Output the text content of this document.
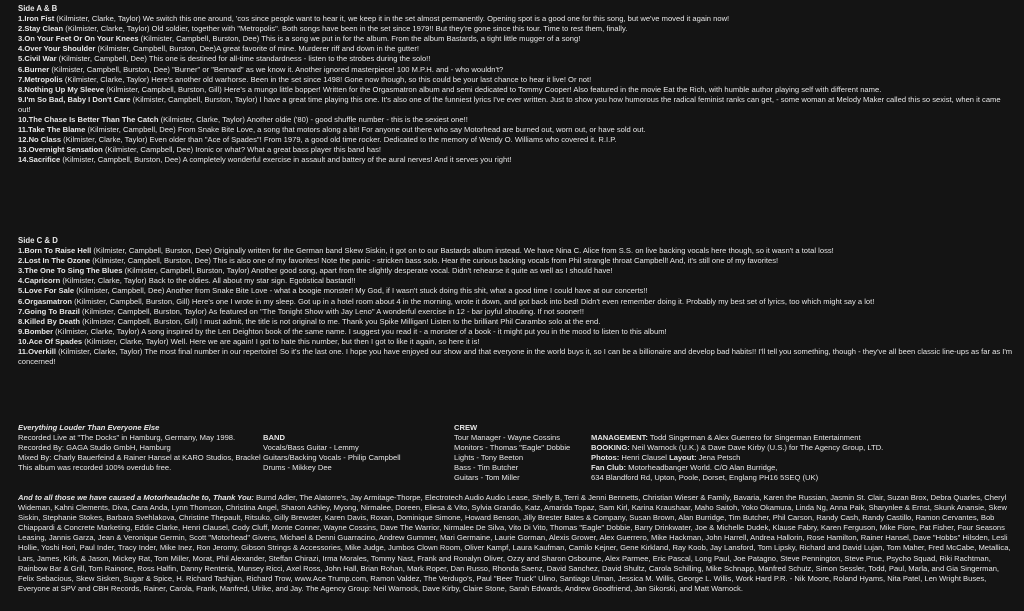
Side A & B
1.Iron Fist (Kilmister, Clarke, Taylor) We switch this one around, 'cos since people want to hear it, we keep it in the set almost permanently. Opening spot is a good one for this song, but we've moved it again now!
2.Stay Clean (Kilmister, Clarke, Taylor) Old soldier, together with "Metropolis". Both songs have been in the set since 1979!! But they're gone since this tour. Time to rest them, finally.
3.On Your Feet Or On Your Knees (Kilmister, Campbell, Burston, Dee) This is a song we put in for the album. From the album Bastards, a tight little mugger of a song!
4.Over Your Shoulder (Kilmister, Campbell, Burston, Dee)A great favorite of mine. Murderer riff and down in the gutter!
5.Civil War (Kilmister, Campbell, Dee) This one is destined for all-time standardness - listen to the strobes during the solo!!
6.Burner (Kilmister, Campbell, Burston, Dee) "Burner" or "Bernard" as we know it. Another ignored masterpiece! 100 M.P.H. and - who wouldn't?
7.Metropolis (Kilmister, Clarke, Taylor) Here's another old warhorse. Been in the set since 1498! Gone now though, so this could be your last chance to hear it live! Or not!
8.Nothing Up My Sleeve (Kilmister, Campbell, Burston, Gill) Here's a mungo little bopper! Written for the Orgasmatron album and semi dedicated to Tommy Cooper! Also featured in the movie Eat the Rich, with humble author playing self with different name.
9.I'm So Bad, Baby I Don't Care (Kilmister, Campbell, Burston, Taylor) I have a great time playing this one. It's also one of the funniest lyrics I've ever written. Just to show you how humorous the radical feminist ranks can get, - some woman at Melody Maker called this so sexist, when it came out!
10.The Chase Is Better Than The Catch (Kilmister, Clarke, Taylor) Another oldie ('80) - good shuffle number - this is the sexiest one!!
11.Take The Blame (Kilmister, Campbell, Dee) From Snake Bite Love, a song that motors along a bit! For anyone out there who say Motorhead are burned out, worn out, or have sold out.
12.No Class (Kilmister, Clarke, Taylor) Even older than "Ace of Spades"! From 1979, a good old time rocker. Dedicated to the memory of Wendy O. Williams who covered it. R.I.P.
13.Overnight Sensation (Kilmister, Campbell, Dee) Ironic or what? What a great bass player this band has!
14.Sacrifice (Kilmister, Campbell, Burston, Dee) A completely wonderful exercise in assault and battery of the aural nerves! And it serves you right!
Side C & D
1.Born To Raise Hell (Kilmister, Campbell, Burston, Dee) Originally written for the German band Skew Siskin, it got on to our Bastards album instead. We have Nina C. Alice from S.S. on live backing vocals here though, so it wasn't a total loss!
2.Lost In The Ozone (Kilmister, Campbell, Burston, Dee) This is also one of my favorites! Note the panic - stricken bass solo. Hear the curious backing vocals from Phil strangle throat Campbell! And, it's still one of my favorites!
3.The One To Sing The Blues (Kilmister, Campbell, Burston, Taylor) Another good song, apart from the slightly desperate vocal. Didn't rehearse it quite as well as I should have!
4.Capricorn (Kilmister, Clarke, Taylor) Back to the oldies. All about my star sign. Egotistical bastard!!
5.Love For Sale (Kilmister, Campbell, Dee) Another from Snake Bite Love - what a boogie monster! My God, if I wasn't stuck doing this shit, what a good time I could have at our concerts!!
6.Orgasmatron (Kilmister, Campbell, Burston, Gill) Here's one I wrote in my sleep. Got up in a hotel room about 4 in the morning, wrote it down, and got back into bed! Didn't even remember doing it. Probably my best set of lyrics, too which might say a lot!
7.Going To Brazil (Kilmister, Campbell, Burston, Taylor) As featured on "The Tonight Show with Jay Leno" A wonderful exercise in 12 - bar joyful shouting. If not sooner!!
8.Killed By Death (Kilmister, Campbell, Burston, Gill) I must admit, the title is not original to me. Thank you Spike Milligan! Listen to the brilliant Phil Carambo solo at the end.
9.Bomber (Kilmister, Clarke, Taylor) A song inspired by the Len Deighton book of the same name. I suggest you read it - a monster of a book - it might put you in the mood to listen to this album!
10.Ace Of Spades (Kilmister, Clarke, Taylor) Well. Here we are again! I got to hate this number, but then I got to like it again, so here it is!
11.Overkill (Kilmister, Clarke, Taylor) The most final number in our repertoire! So it's the last one. I hope you have enjoyed our show and that everyone in the world buys it, so I can be a billionaire and develop bad habits!! I'll tell you something, though - they've all been classic line-ups as far as I'm concerned!
Everything Louder Than Everyone Else
Recorded Live at "The Docks" in Hamburg, Germany, May 1998.
Recorded By: GAGA Studio GmbH, Hamburg
Mixed By: Charly Bauerfeind & Rainer Hansel at KARO Studios, Brackel
This album was recorded 100% overdub free.
BAND
Vocals/Bass Guitar - Lemmy
Guitars/Backing Vocals - Philip Campbell
Drums - Mikkey Dee
CREW
Tour Manager - Wayne Cossins
Monitors - Thomas "Eagle" Dobbie
Lights - Tony Beeton
Bass - Tim Butcher
Guitars - Tom Miller
MANAGEMENT: Todd Singerman & Alex Guerrero for Singerman Entertainment
BOOKING: Neil Warnock (U.K.) & Dave Dave Kirby (U.S.) for The Agency Group, LTD.
Photos: Henri Clausel Layout: Jena Petsch
Fan Club: Motorheadbanger World. C/O Alan Burridge,
634 Blandford Rd, Upton, Poole, Dorset, Englang PH16 5SEQ (UK)
And to all those we have caused a Motorheadache to, Thank You: Burnd Adler, The Alatorre's, Jay Armitage-Thorpe, Electrotech Audio Audio Lease, Shelly B, Terri & Jenni Bennetts, Christian Wieser & Family, Bavaria, Karen the Russian, Jasmin St. Clair, Suzan Brox, Debra Quarles, Cheryl Wideman, Kahni Clements, Diva, Cara Anda, Lynn Thomson, Christina Angel, Sharon Ashley, Myong, Nirmalee, Doreen, Eliesa & Vito, Sylvia Grandio, Katz, Amarida Topaz, Sam Kirl, Karina Kraushaar, Maho Saitoh, Yoko Okamura, Linda Ng, Anna Paik, Sharynlee & Ernst, Skunk Anansie, Skew Siskin, Stephanie Stokes, Barbara Svehlakova, Christine Thepault, Ritsuko, Gilly Brewster, Karen Davis, Roxan, Dominique Simone, Howard Benson, Jilly Brester Bates & Company, Susan Brown, Alan Burridge, Tim Butcher, Phil Carson, Randy Cash, Randy Castillo, Ramon Cervantes, Bob Chiappardi & Concrete Marketing, Eddie Clarke, Henri Clausel, Cody Cluff, Monte Conner, Wayne Cossins, Dave The Warrior, Nirmalee De Silva, Vito Di Vito, Thomas "Eagle" Dobbie, Barry Drinkwater, Joe & Michelle Dudek, Klause Fabry, Karen Ferguson, Mike Fiore, Pat Fisher, Four Seasons Leasing, Jannis Garza, Jean & Veronique Germin, Scott "Motorhead" Givens, Michael & Denni Guarracino, Andrew Gummer, Mari Germaine, Laurie Gorman, Alexis Grower, Alex Guerrero, Mike Hackman, John Harrell, Andrea Hallorin, Rose Hamilton, Rainer Hansel, Dave "Hobbs" Hilsden, Lesli Hollie, Yoshi Hori, Paul Inder, Tracy Inder, Mike Inez, Ron Jeromy, Gibson Strings & Accessories, Mike Judge, Jumbos Clown Room, Oliver Kampf, Laura Kaufman, Camilo Kejner, Gene Kirkland, Ray Koob, Jay Lansford, Tom Lipsky, Richard and David Lujan, Tom Maher, Fred McCabe, Metallica, Lars, James, Kirk, & Jason, Mickey Rat, Tom Miller, Morat, Phil Alexander, Steffan Chirazi, Irma Morales, Tommy Nast, Frank and Ronalyn Oliver, Ozzy and Sharon Osbourne, Alex Parmee, Eric Pascal, Long Paul, Joe Patagno, Steve Pennington, Steve Prue, Psycho Squad, Riki Rachtman, Rainbow Bar & Grill, Tom Rainone, Ross Halfin, Danny Renteria, Munsey Ricci, Axel Ross, John Hall, Brian Rohan, Mark Roper, Dan Russo, Rhonda Saenz, David Sanchez, David Shultz, Carola Schilling, Mike Schnapp, Manfred Schutz, Simon Sessler, Todd, Paul, Marla, and Gia Singerman, Felix Sebacious, Skew Sisken, Sugar & Spice, H. Richard Tashjian, Richard Trow, www.Ace Trump.com, Ramon Valdez, The Verdugo's, Paul "Beer Truck" Ulino, Santiago Ulman, Jessica M. Willis, George L. Willis, Work Hard P.R. - Nik Moore, Roland Hyams, Nita Patel, Len Wright Buses, Everyone at SPV and CBH Records, Rainer, Carola, Frank, Manfred, Ulrike, and Jay. The Agency Group: Neil Warnock, Dave Kirby, Claire Stone, Sarah Edwards, Andrew Goodfriend, Jan Sikorski, and Matt Warnock.
